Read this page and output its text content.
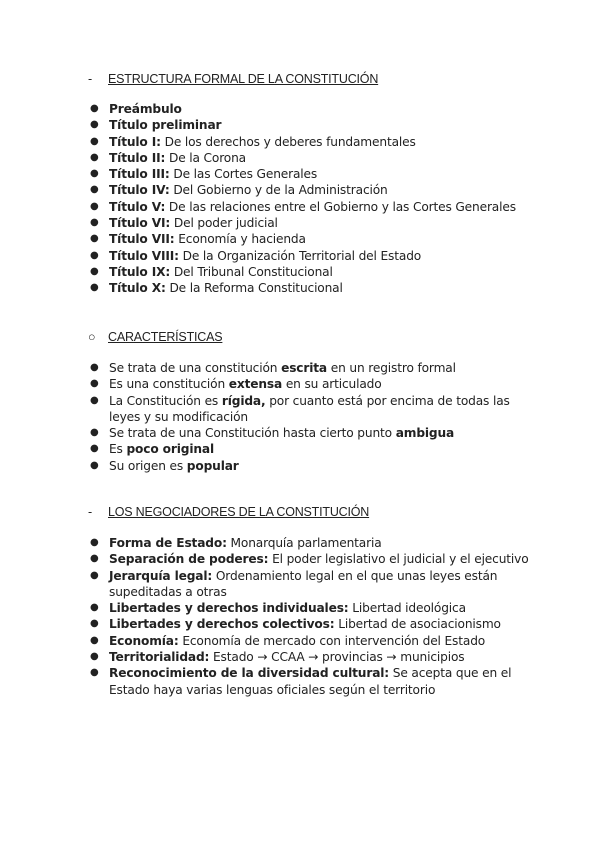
- ESTRUCTURA FORMAL DE LA CONSTITUCIÓN
● Preámbulo
● Título preliminar
● Título I: De los derechos y deberes fundamentales
● Título II: De la Corona
● Título III: De las Cortes Generales
● Título IV: Del Gobierno y de la Administración
● Título V: De las relaciones entre el Gobierno y las Cortes Generales
● Título VI: Del poder judicial
● Título VII: Economía y hacienda
● Título VIII: De la Organización Territorial del Estado
● Título IX: Del Tribunal Constitucional
● Título X: De la Reforma Constitucional
○ CARACTERÍSTICAS
● Se trata de una constitución escrita en un registro formal
● Es una constitución extensa en su articulado
● La Constitución es rígida, por cuanto está por encima de todas las leyes y su modificación
● Se trata de una Constitución hasta cierto punto ambigua
● Es poco original
● Su origen es popular
- LOS NEGOCIADORES DE LA CONSTITUCIÓN
● Forma de Estado: Monarquía parlamentaria
● Separación de poderes: El poder legislativo el judicial y el ejecutivo
● Jerarquía legal: Ordenamiento legal en el que unas leyes están supeditadas a otras
● Libertades y derechos individuales: Libertad ideológica
● Libertades y derechos colectivos: Libertad de asociacionismo
● Economía: Economía de mercado con intervención del Estado
● Territorialidad: Estado → CCAA → provincias → municipios
● Reconocimiento de la diversidad cultural: Se acepta que en el Estado haya varias lenguas oficiales según el territorio
